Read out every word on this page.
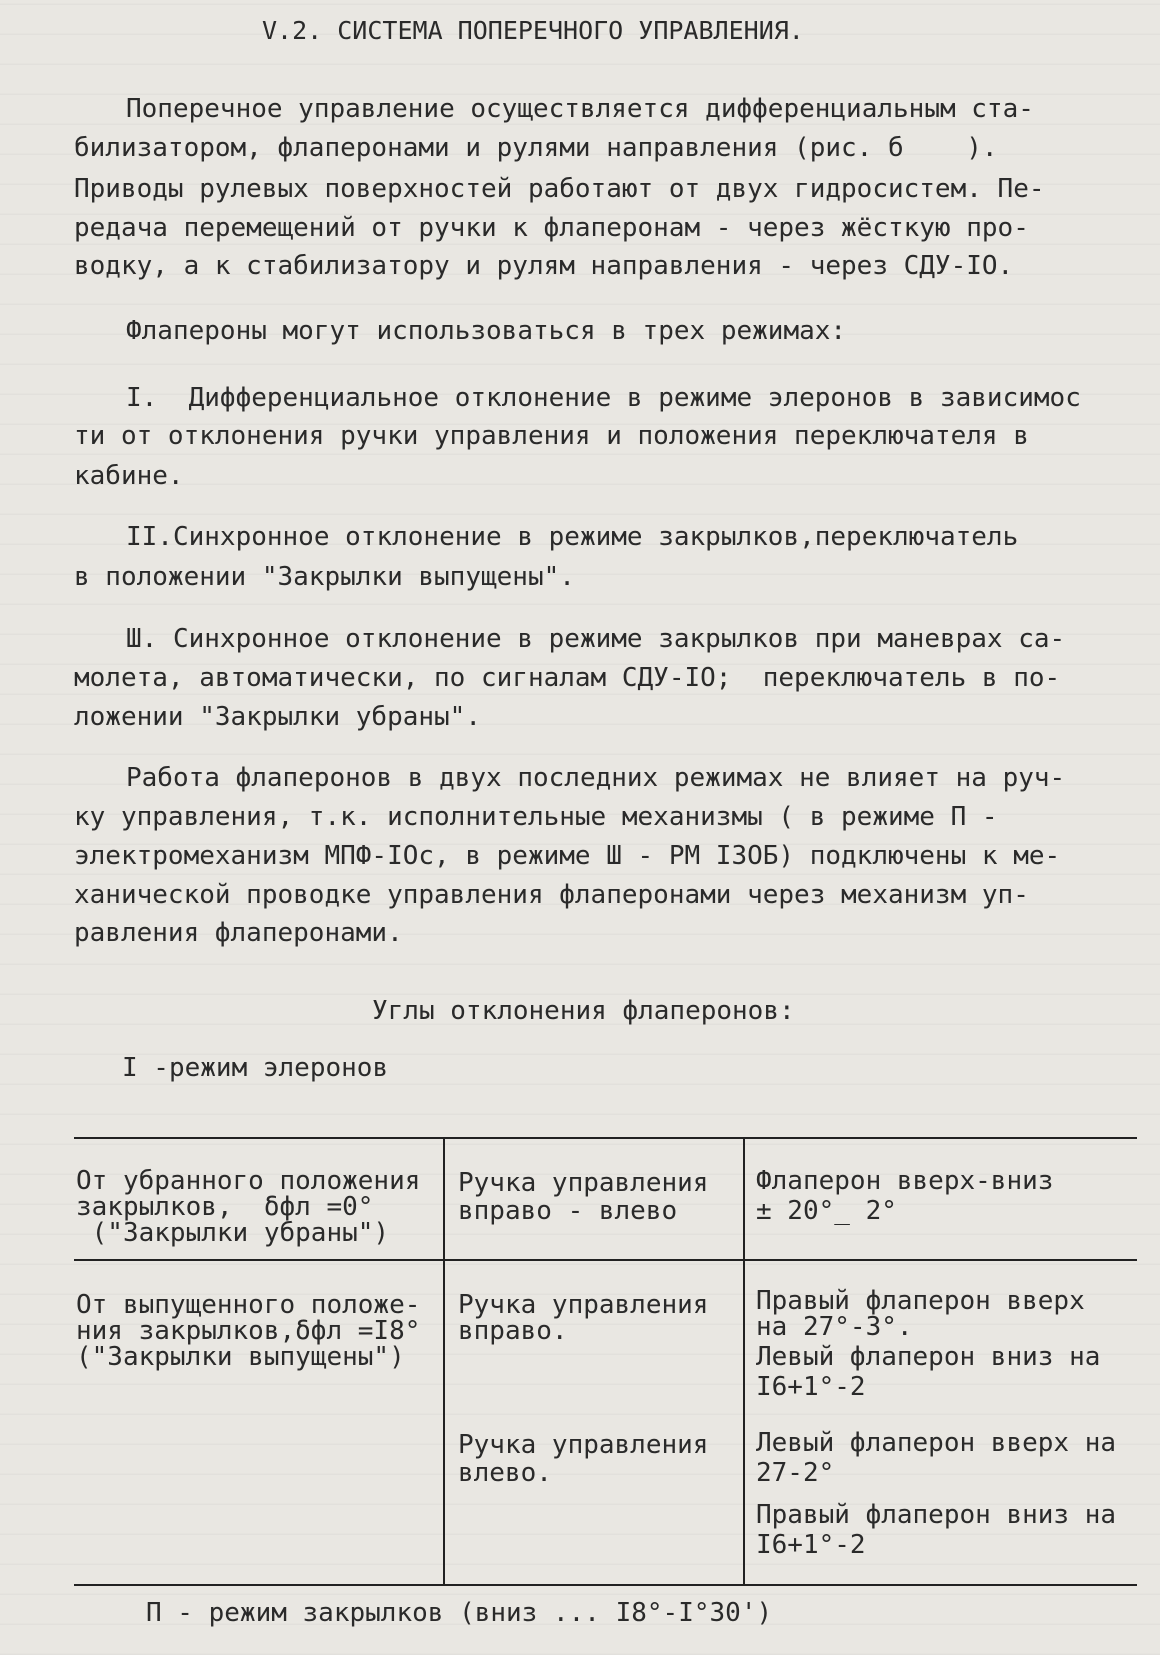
V.2. СИСТЕМА ПОПЕРЕЧНОГО УПРАВЛЕНИЯ.
Поперечное управление осуществляется дифференциальным ста-
билизатором, флаперонами и рулями направления (рис. б    ).
Приводы рулевых поверхностей работают от двух гидросистем. Пе-
редача перемещений от ручки к флаперонам - через жёсткую про-
водку, а к стабилизатору и рулям направления - через СДУ-IO.
Флапероны могут использоваться в трех режимах:
I.  Дифференциальное отклонение в режиме элеронов в зависимос
ти от отклонения ручки управления и положения переключателя в
кабине.
II.Синхронное отклонение в режиме закрылков,переключатель
в положении "Закрылки выпущены".
Ш. Синхронное отклонение в режиме закрылков при маневрах са-
молета, автоматически, по сигналам СДУ-IO;  переключатель в по-
ложении "Закрылки убраны".
Работа флаперонов в двух последних режимах не влияет на руч-
ку управления, т.к. исполнительные механизмы ( в режиме П -
электромеханизм МПФ-IOс, в режиме Ш - РМ I3OБ) подключены к ме-
ханической проводке управления флаперонами через механизм уп-
равления флаперонами.
Углы отклонения флаперонов:
I -режим элеронов
От убранного положения
закрылков,  δфл =0°
("Закрылки убраны")
Ручка управления
вправо - влево
Флаперон вверх-вниз
± 20°_ 2°
От выпущенного положе-
ния закрылков,δфл =I8°
("Закрылки выпущены")
Ручка управления
вправо.
Ручка управления
влево.
Правый флаперон вверх
на 27°-3°.
Левый флаперон вниз на
I6+1°-2
Левый флаперон вверх на
27-2°
Правый флаперон вниз на
I6+1°-2
П - режим закрылков (вниз ... I8°-I°30')
